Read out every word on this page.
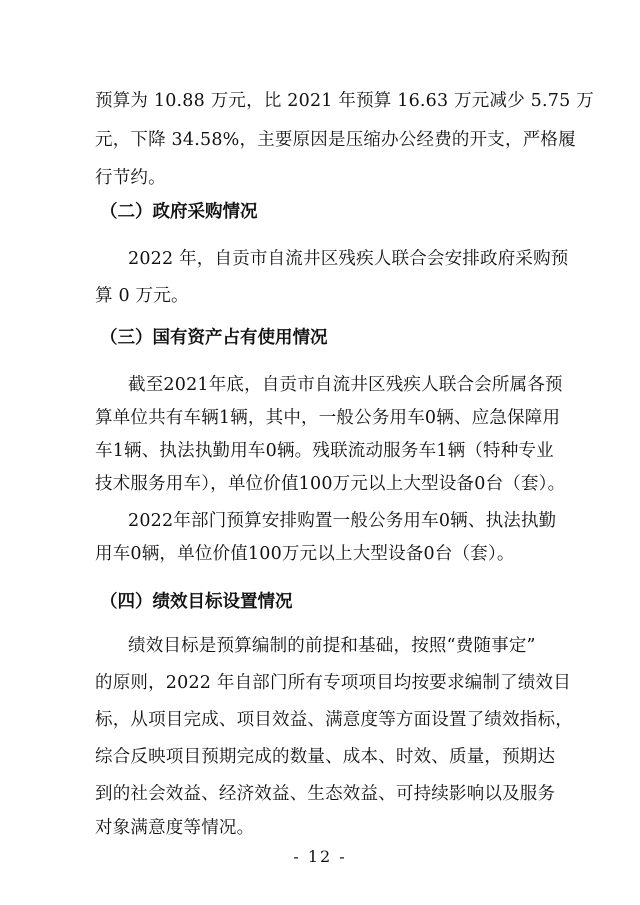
预算为 10.88 万元，比 2021 年预算 16.63 万元减少 5.75 万
元，下降 34.58%，主要原因是压缩办公经费的开支，严格履
行节约。
（二）政府采购情况
2022 年，自贡市自流井区残疾人联合会安排政府采购预
算 0 万元。
（三）国有资产占有使用情况
截至2021年底，自贡市自流井区残疾人联合会所属各预
算单位共有车辆1辆，其中，一般公务用车0辆、应急保障用
车1辆、执法执勤用车0辆。残联流动服务车1辆（特种专业
技术服务用车），单位价值100万元以上大型设备0台（套）。
2022年部门预算安排购置一般公务用车0辆、执法执勤
用车0辆，单位价值100万元以上大型设备0台（套）。
（四）绩效目标设置情况
绩效目标是预算编制的前提和基础，按照“费随事定”
的原则，2022 年自部门所有专项项目均按要求编制了绩效目
标，从项目完成、项目效益、满意度等方面设置了绩效指标，
综合反映项目预期完成的数量、成本、时效、质量，预期达
到的社会效益、经济效益、生态效益、可持续影响以及服务
对象满意度等情况。
- 12 -
